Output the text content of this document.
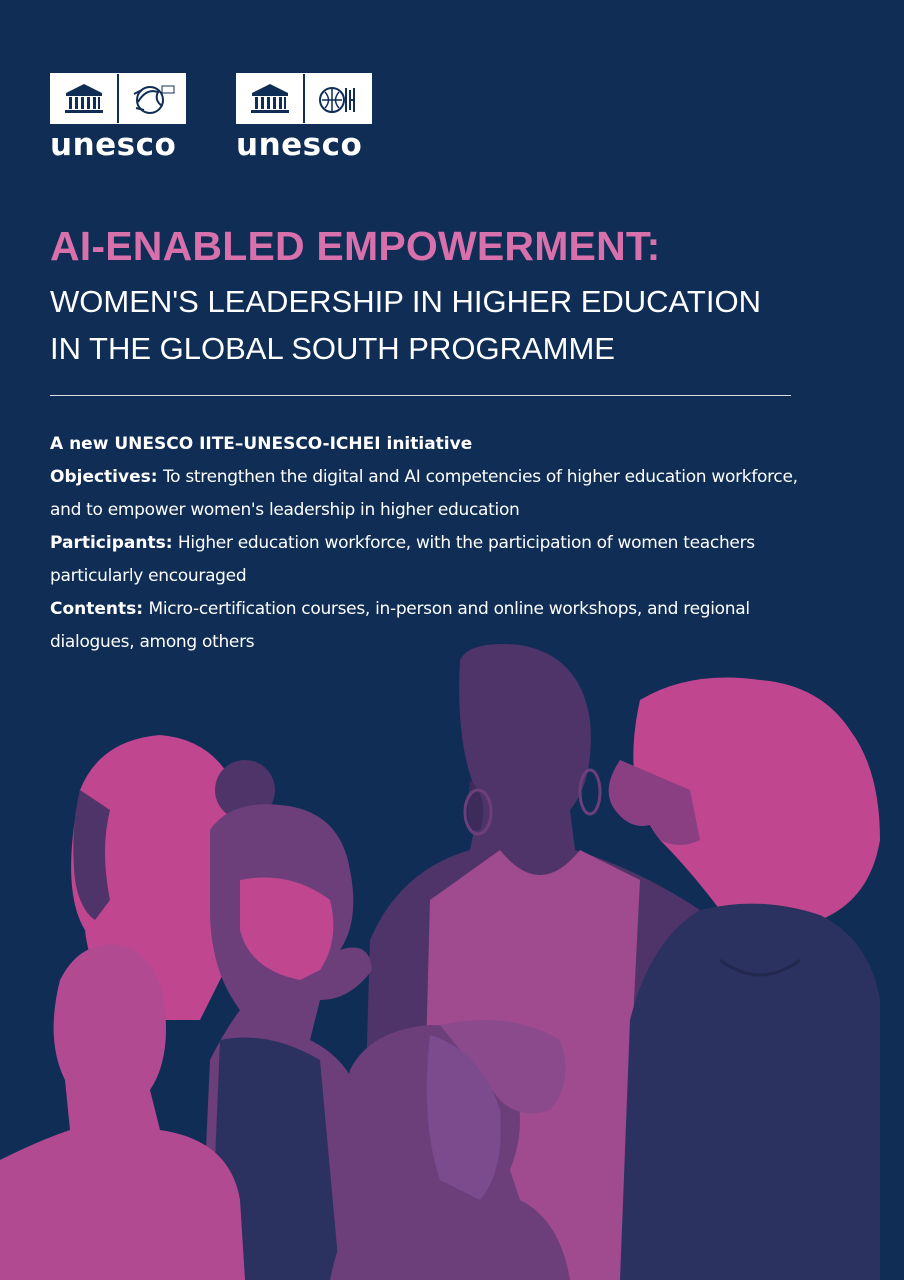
unesco unesco
AI-ENABLED EMPOWERMENT:
WOMEN'S LEADERSHIP IN HIGHER EDUCATION
IN THE GLOBAL SOUTH PROGRAMME

A new UNESCO IITE–UNESCO-ICHEI initiative

Objectives: To strengthen the digital and AI competencies of higher education workforce,

and to empower women's leadership in higher education

Participants: Higher education workforce, with the participation of women teachers

particularly encouraged

Contents: Micro-certification courses, in-person and online workshops, and regional

dialogues, among others
